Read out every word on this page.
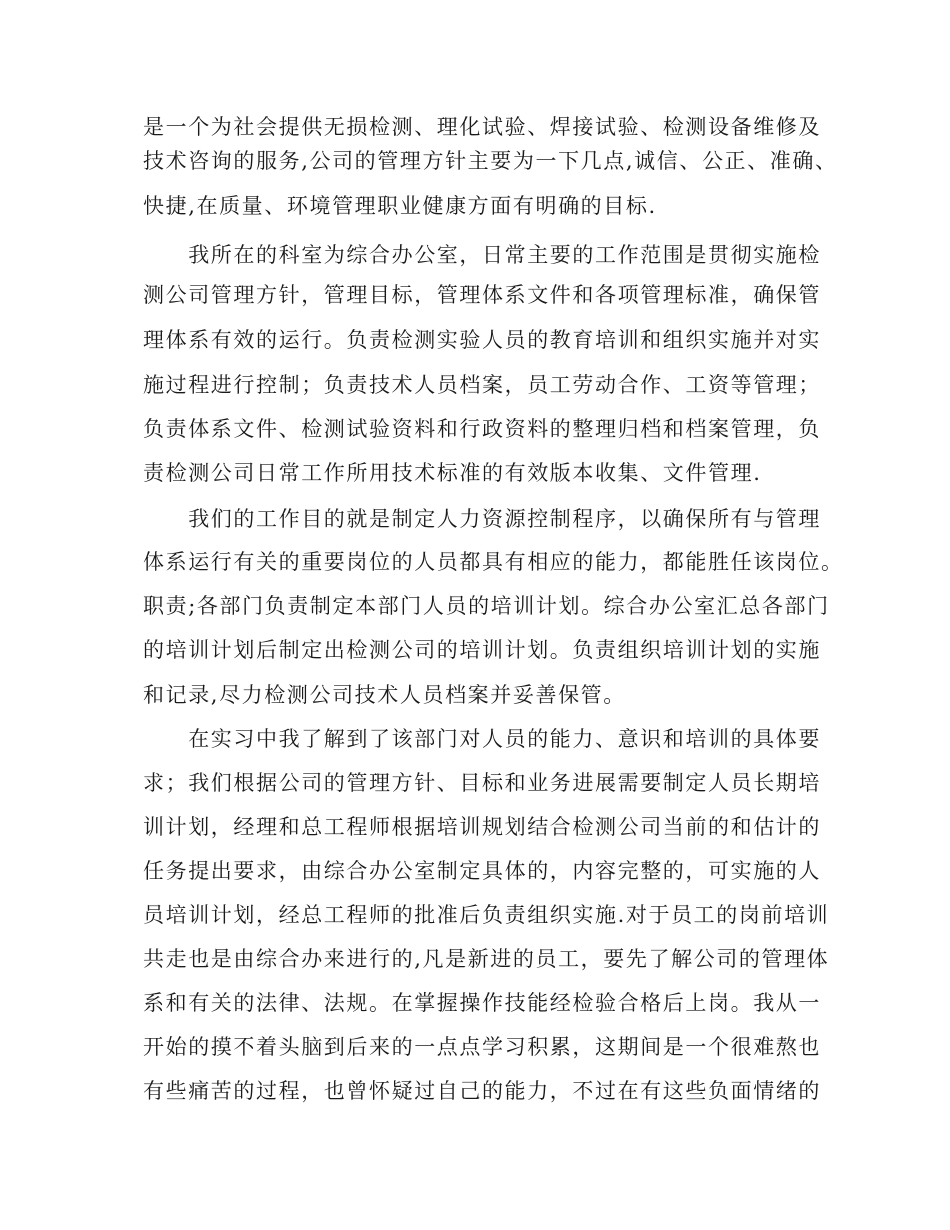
是一个为社会提供无损检测、理化试验、焊接试验、检测设备维修及
技术咨询的服务,公司的管理方针主要为一下几点,诚信、公正、准确、
快捷,在质量、环境管理职业健康方面有明确的目标.
　　我所在的科室为综合办公室，日常主要的工作范围是贯彻实施检
测公司管理方针，管理目标，管理体系文件和各项管理标准，确保管
理体系有效的运行。负责检测实验人员的教育培训和组织实施并对实
施过程进行控制；负责技术人员档案，员工劳动合作、工资等管理；
负责体系文件、检测试验资料和行政资料的整理归档和档案管理，负
责检测公司日常工作所用技术标准的有效版本收集、文件管理.
　　我们的工作目的就是制定人力资源控制程序，以确保所有与管理
体系运行有关的重要岗位的人员都具有相应的能力，都能胜任该岗位。
职责;各部门负责制定本部门人员的培训计划。综合办公室汇总各部门
的培训计划后制定出检测公司的培训计划。负责组织培训计划的实施
和记录,尽力检测公司技术人员档案并妥善保管。
　　在实习中我了解到了该部门对人员的能力、意识和培训的具体要
求；我们根据公司的管理方针、目标和业务进展需要制定人员长期培
训计划，经理和总工程师根据培训规划结合检测公司当前的和估计的
任务提出要求，由综合办公室制定具体的，内容完整的，可实施的人
员培训计划，经总工程师的批准后负责组织实施.对于员工的岗前培训
共走也是由综合办来进行的,凡是新进的员工，要先了解公司的管理体
系和有关的法律、法规。在掌握操作技能经检验合格后上岗。我从一
开始的摸不着头脑到后来的一点点学习积累，这期间是一个很难熬也
有些痛苦的过程，也曾怀疑过自己的能力，不过在有这些负面情绪的
